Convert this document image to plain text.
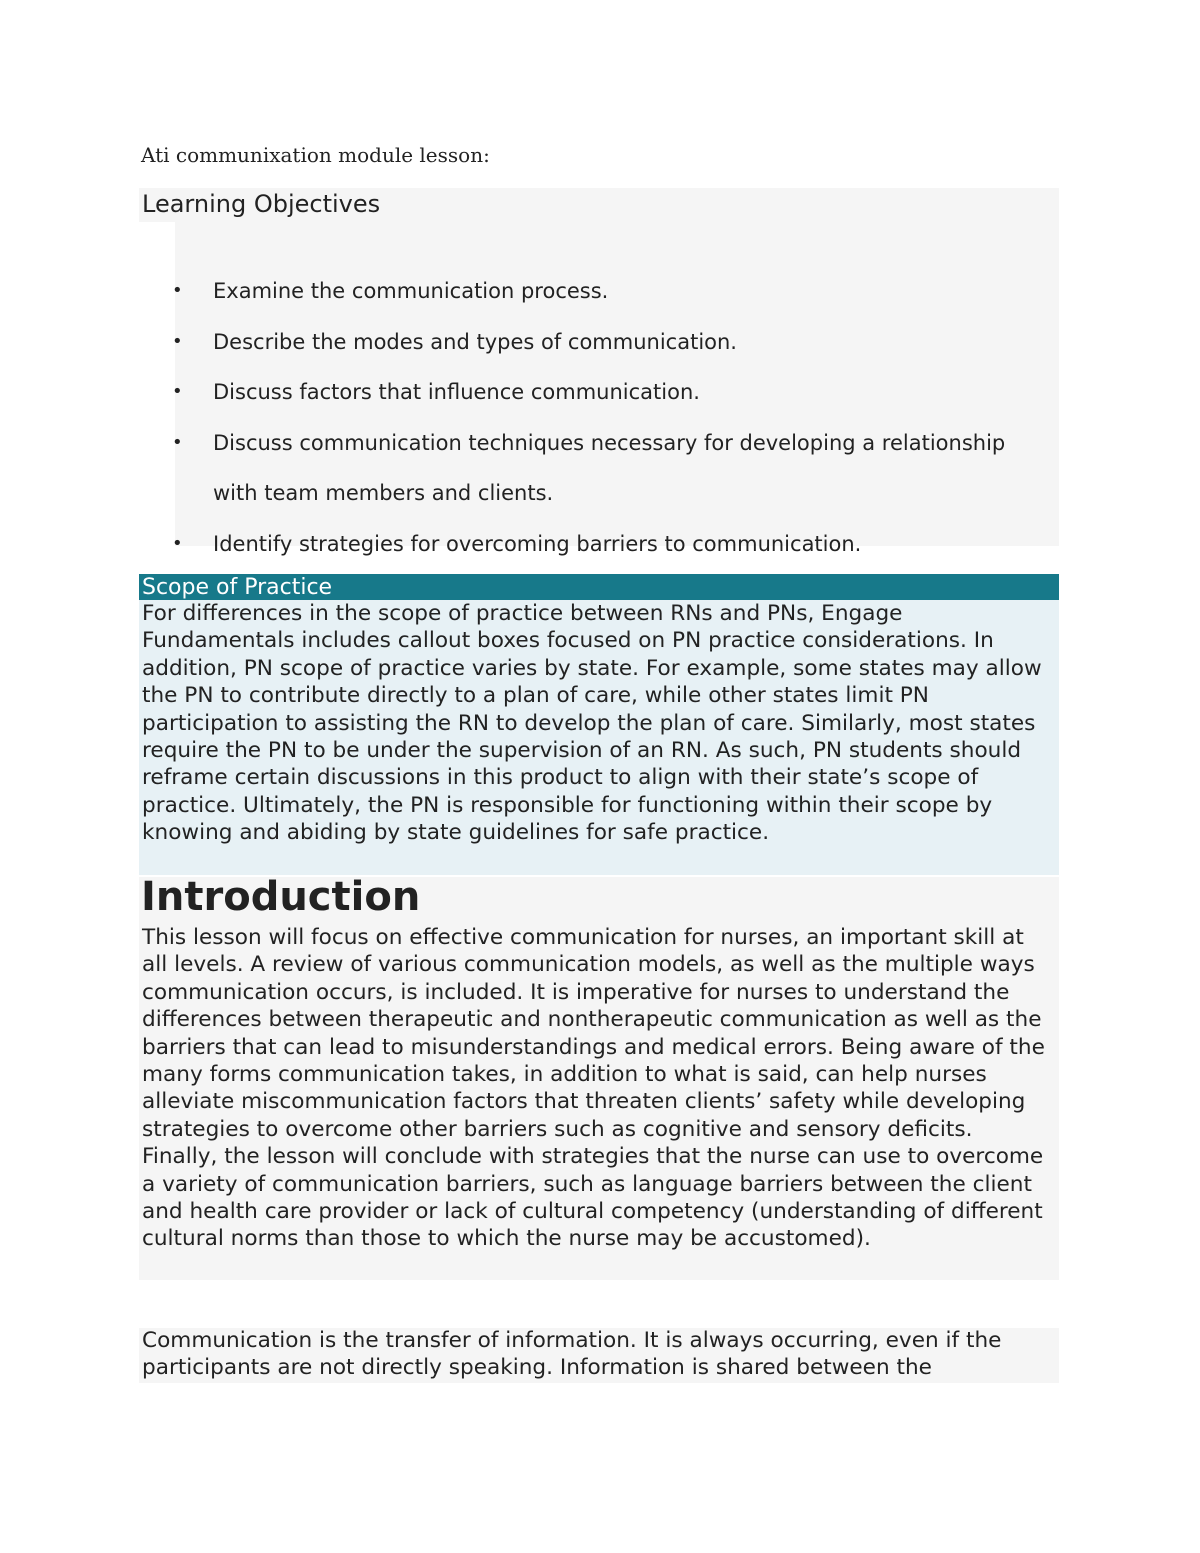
Ati communixation module lesson:
Learning Objectives
• Examine the communication process.
• Describe the modes and types of communication.
• Discuss factors that influence communication.
• Discuss communication techniques necessary for developing a relationship with team members and clients.
• Identify strategies for overcoming barriers to communication.
Scope of Practice

For differences in the scope of practice between RNs and PNs, Engage Fundamentals includes callout boxes focused on PN practice considerations. In addition, PN scope of practice varies by state. For example, some states may allow the PN to contribute directly to a plan of care, while other states limit PN participation to assisting the RN to develop the plan of care. Similarly, most states require the PN to be under the supervision of an RN. As such, PN students should reframe certain discussions in this product to align with their state’s scope of practice. Ultimately, the PN is responsible for functioning within their scope by knowing and abiding by state guidelines for safe practice.

Introduction

This lesson will focus on effective communication for nurses, an important skill at all levels. A review of various communication models, as well as the multiple ways communication occurs, is included. It is imperative for nurses to understand the differences between therapeutic and nontherapeutic communication as well as the barriers that can lead to misunderstandings and medical errors. Being aware of the many forms communication takes, in addition to what is said, can help nurses alleviate miscommunication factors that threaten clients’ safety while developing strategies to overcome other barriers such as cognitive and sensory deficits. Finally, the lesson will conclude with strategies that the nurse can use to overcome a variety of communication barriers, such as language barriers between the client and health care provider or lack of cultural competency (understanding of different cultural norms than those to which the nurse may be accustomed).

Communication is the transfer of information. It is always occurring, even if the participants are not directly speaking. Information is shared between the
